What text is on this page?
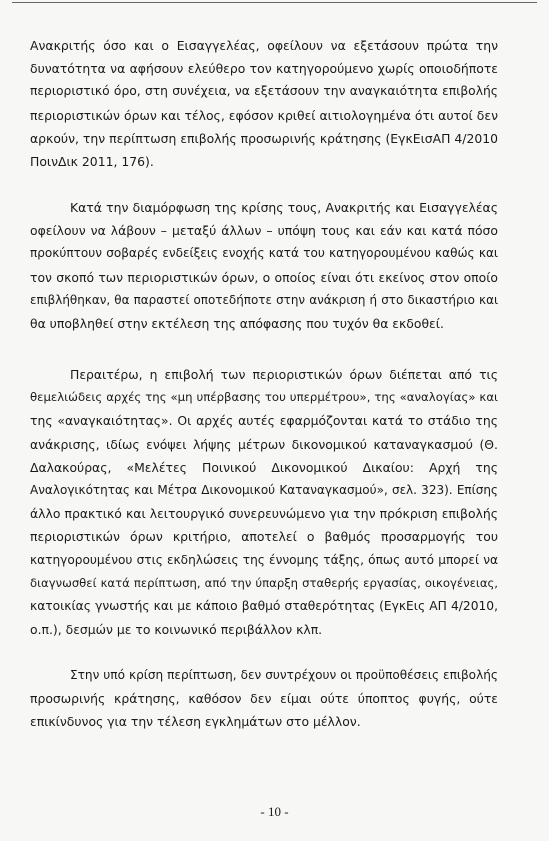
Ανακριτής όσο και ο Εισαγγελέας, οφείλουν να εξετάσουν πρώτα την
δυνατότητα να αφήσουν ελεύθερο τον κατηγορούμενο χωρίς οποιοδήποτε
περιοριστικό όρο, στη συνέχεια, να εξετάσουν την αναγκαιότητα επιβολής
περιοριστικών όρων και τέλος, εφόσον κριθεί αιτιολογημένα ότι αυτοί δεν
αρκούν, την περίπτωση επιβολής προσωρινής κράτησης (ΕγκΕισΑΠ 4/2010
ΠοινΔικ 2011, 176).
Κατά την διαμόρφωση της κρίσης τους, Ανακριτής και Εισαγγελέας
οφείλουν να λάβουν – μεταξύ άλλων – υπόψη τους και εάν και κατά πόσο
προκύπτουν σοβαρές ενδείξεις ενοχής κατά του κατηγορουμένου καθώς και
τον σκοπό των περιοριστικών όρων, ο οποίος είναι ότι εκείνος στον οποίο
επιβλήθηκαν, θα παραστεί οποτεδήποτε στην ανάκριση ή στο δικαστήριο και
θα υποβληθεί στην εκτέλεση της απόφασης που τυχόν θα εκδοθεί.
Περαιτέρω, η επιβολή των περιοριστικών όρων διέπεται από τις
θεμελιώδεις αρχές της «μη υπέρβασης του υπερμέτρου», της «αναλογίας» και
της «αναγκαιότητας». Οι αρχές αυτές εφαρμόζονται κατά το στάδιο της
ανάκρισης, ιδίως ενόψει λήψης μέτρων δικονομικού καταναγκασμού (Θ.
Δαλακούρας, «Μελέτες Ποινικού Δικονομικού Δικαίου: Αρχή της
Αναλογικότητας και Μέτρα Δικονομικού Καταναγκασμού», σελ. 323). Επίσης
άλλο πρακτικό και λειτουργικό συνερευνώμενο για την πρόκριση επιβολής
περιοριστικών όρων κριτήριο, αποτελεί ο βαθμός προσαρμογής του
κατηγορουμένου στις εκδηλώσεις της έννομης τάξης, όπως αυτό μπορεί να
διαγνωσθεί κατά περίπτωση, από την ύπαρξη σταθερής εργασίας, οικογένειας,
κατοικίας γνωστής και με κάποιο βαθμό σταθερότητας (ΕγκΕις ΑΠ 4/2010,
ο.π.), δεσμών με το κοινωνικό περιβάλλον κλπ.
Στην υπό κρίση περίπτωση, δεν συντρέχουν οι προϋποθέσεις επιβολής
προσωρινής κράτησης, καθόσον δεν είμαι ούτε ύποπτος φυγής, ούτε
επικίνδυνος για την τέλεση εγκλημάτων στο μέλλον.
- 10 -
